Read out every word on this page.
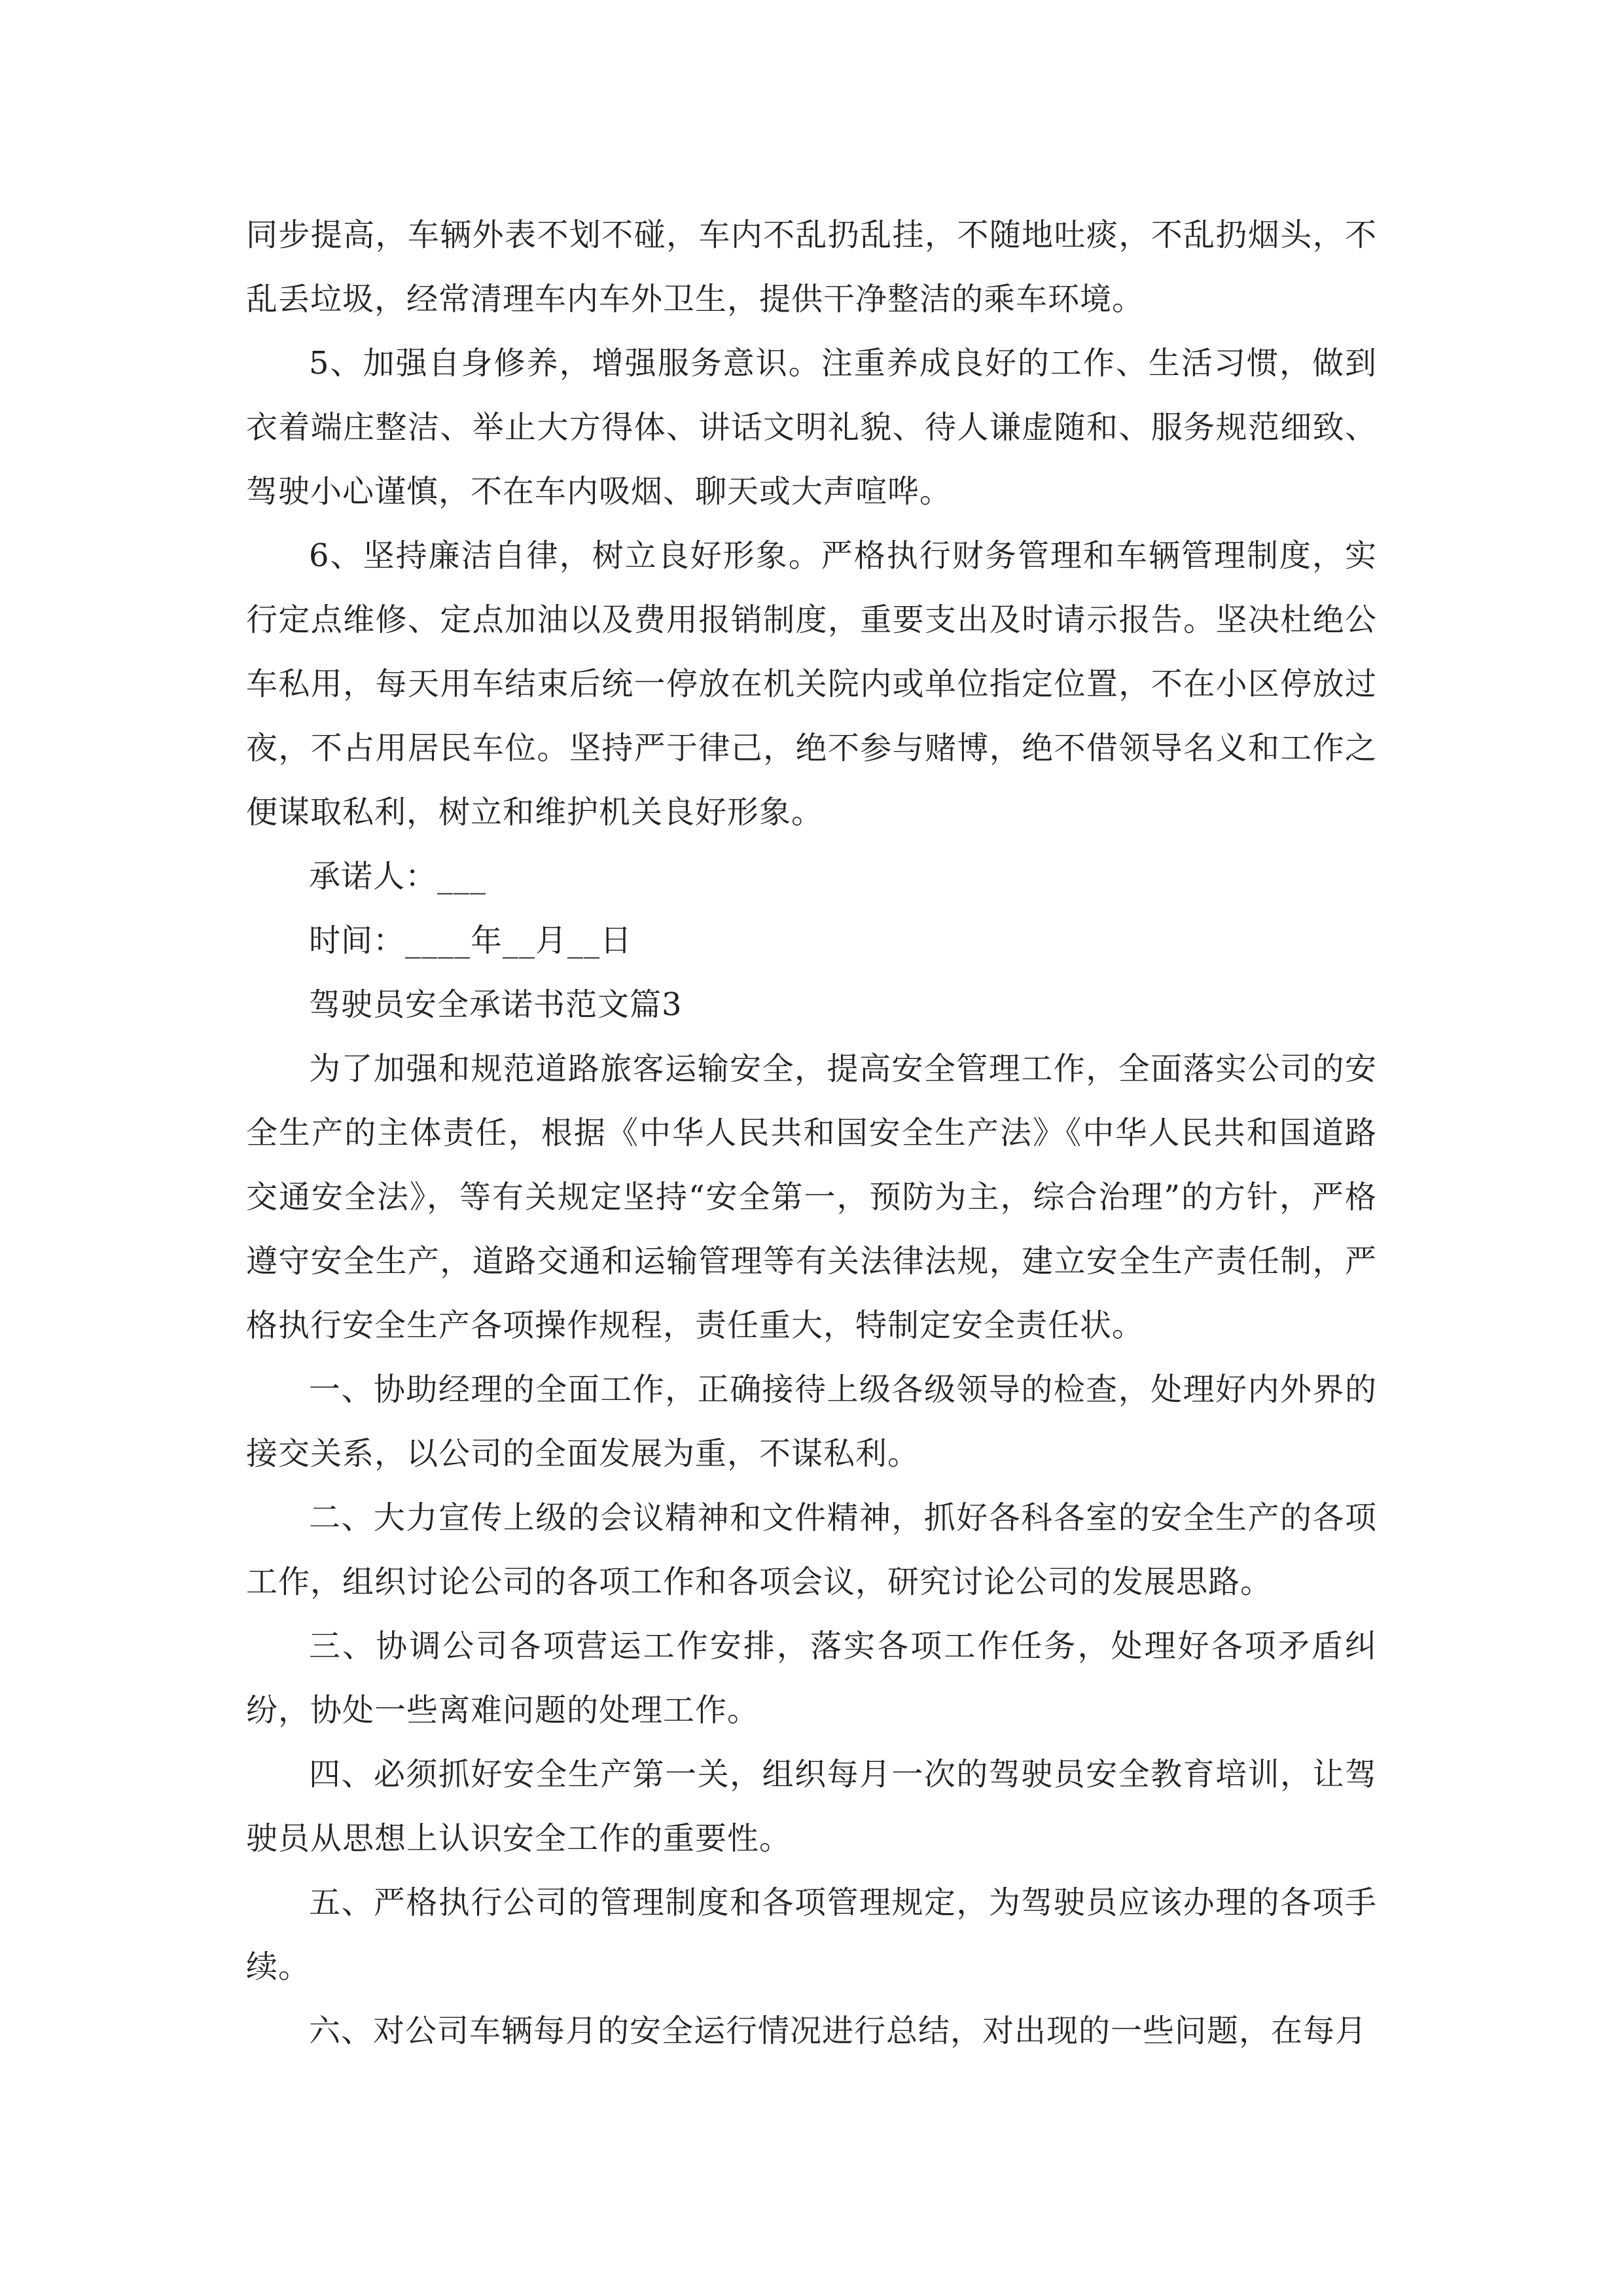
同步提高，车辆外表不划不碰，车内不乱扔乱挂，不随地吐痰，不乱扔烟头，不乱丢垃圾，经常清理车内车外卫生，提供干净整洁的乘车环境。

5、加强自身修养，增强服务意识。注重养成良好的工作、生活习惯，做到衣着端庄整洁、举止大方得体、讲话文明礼貌、待人谦虚随和、服务规范细致、驾驶小心谨慎，不在车内吸烟、聊天或大声喧哗。

6、坚持廉洁自律，树立良好形象。严格执行财务管理和车辆管理制度，实行定点维修、定点加油以及费用报销制度，重要支出及时请示报告。坚决杜绝公车私用，每天用车结束后统一停放在机关院内或单位指定位置，不在小区停放过夜，不占用居民车位。坚持严于律己，绝不参与赌博，绝不借领导名义和工作之便谋取私利，树立和维护机关良好形象。

承诺人：___

时间：____年__月__日

驾驶员安全承诺书范文篇3

为了加强和规范道路旅客运输安全，提高安全管理工作，全面落实公司的安全生产的主体责任，根据《中华人民共和国安全生产法》《中华人民共和国道路交通安全法》，等有关规定坚持“安全第一，预防为主，综合治理”的方针，严格遵守安全生产，道路交通和运输管理等有关法律法规，建立安全生产责任制，严格执行安全生产各项操作规程，责任重大，特制定安全责任状。

一、协助经理的全面工作，正确接待上级各级领导的检查，处理好内外界的接交关系，以公司的全面发展为重，不谋私利。

二、大力宣传上级的会议精神和文件精神，抓好各科各室的安全生产的各项工作，组织讨论公司的各项工作和各项会议，研究讨论公司的发展思路。

三、协调公司各项营运工作安排，落实各项工作任务，处理好各项矛盾纠纷，协处一些离难问题的处理工作。

四、必须抓好安全生产第一关，组织每月一次的驾驶员安全教育培训，让驾驶员从思想上认识安全工作的重要性。

五、严格执行公司的管理制度和各项管理规定，为驾驶员应该办理的各项手续。

六、对公司车辆每月的安全运行情况进行总结，对出现的一些问题，在每月
